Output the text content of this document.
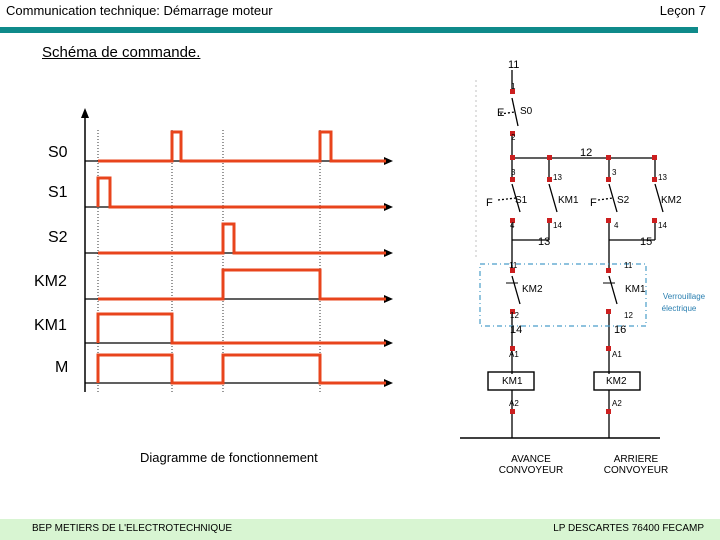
Communication technique: Démarrage moteur	Leçon 7
Schéma de commande.
S0
S1
S2
KM2
KM1
M
Diagramme de fonctionnement
11
1
E S0
2
12
3
13
3
13
F S1	KM1 F S2	KM2
4	14	4	14
13	15
11	11
KM2	KM1
12	12
14	16
Verrouillage
électrique
A1	A1
KM1	KM2
A2	A2
AVANCE
CONVOYEUR
ARRIERE
CONVOYEUR
BEP METIERS DE L'ELECTROTECHNIQUE	LP DESCARTES 76400 FECAMP
